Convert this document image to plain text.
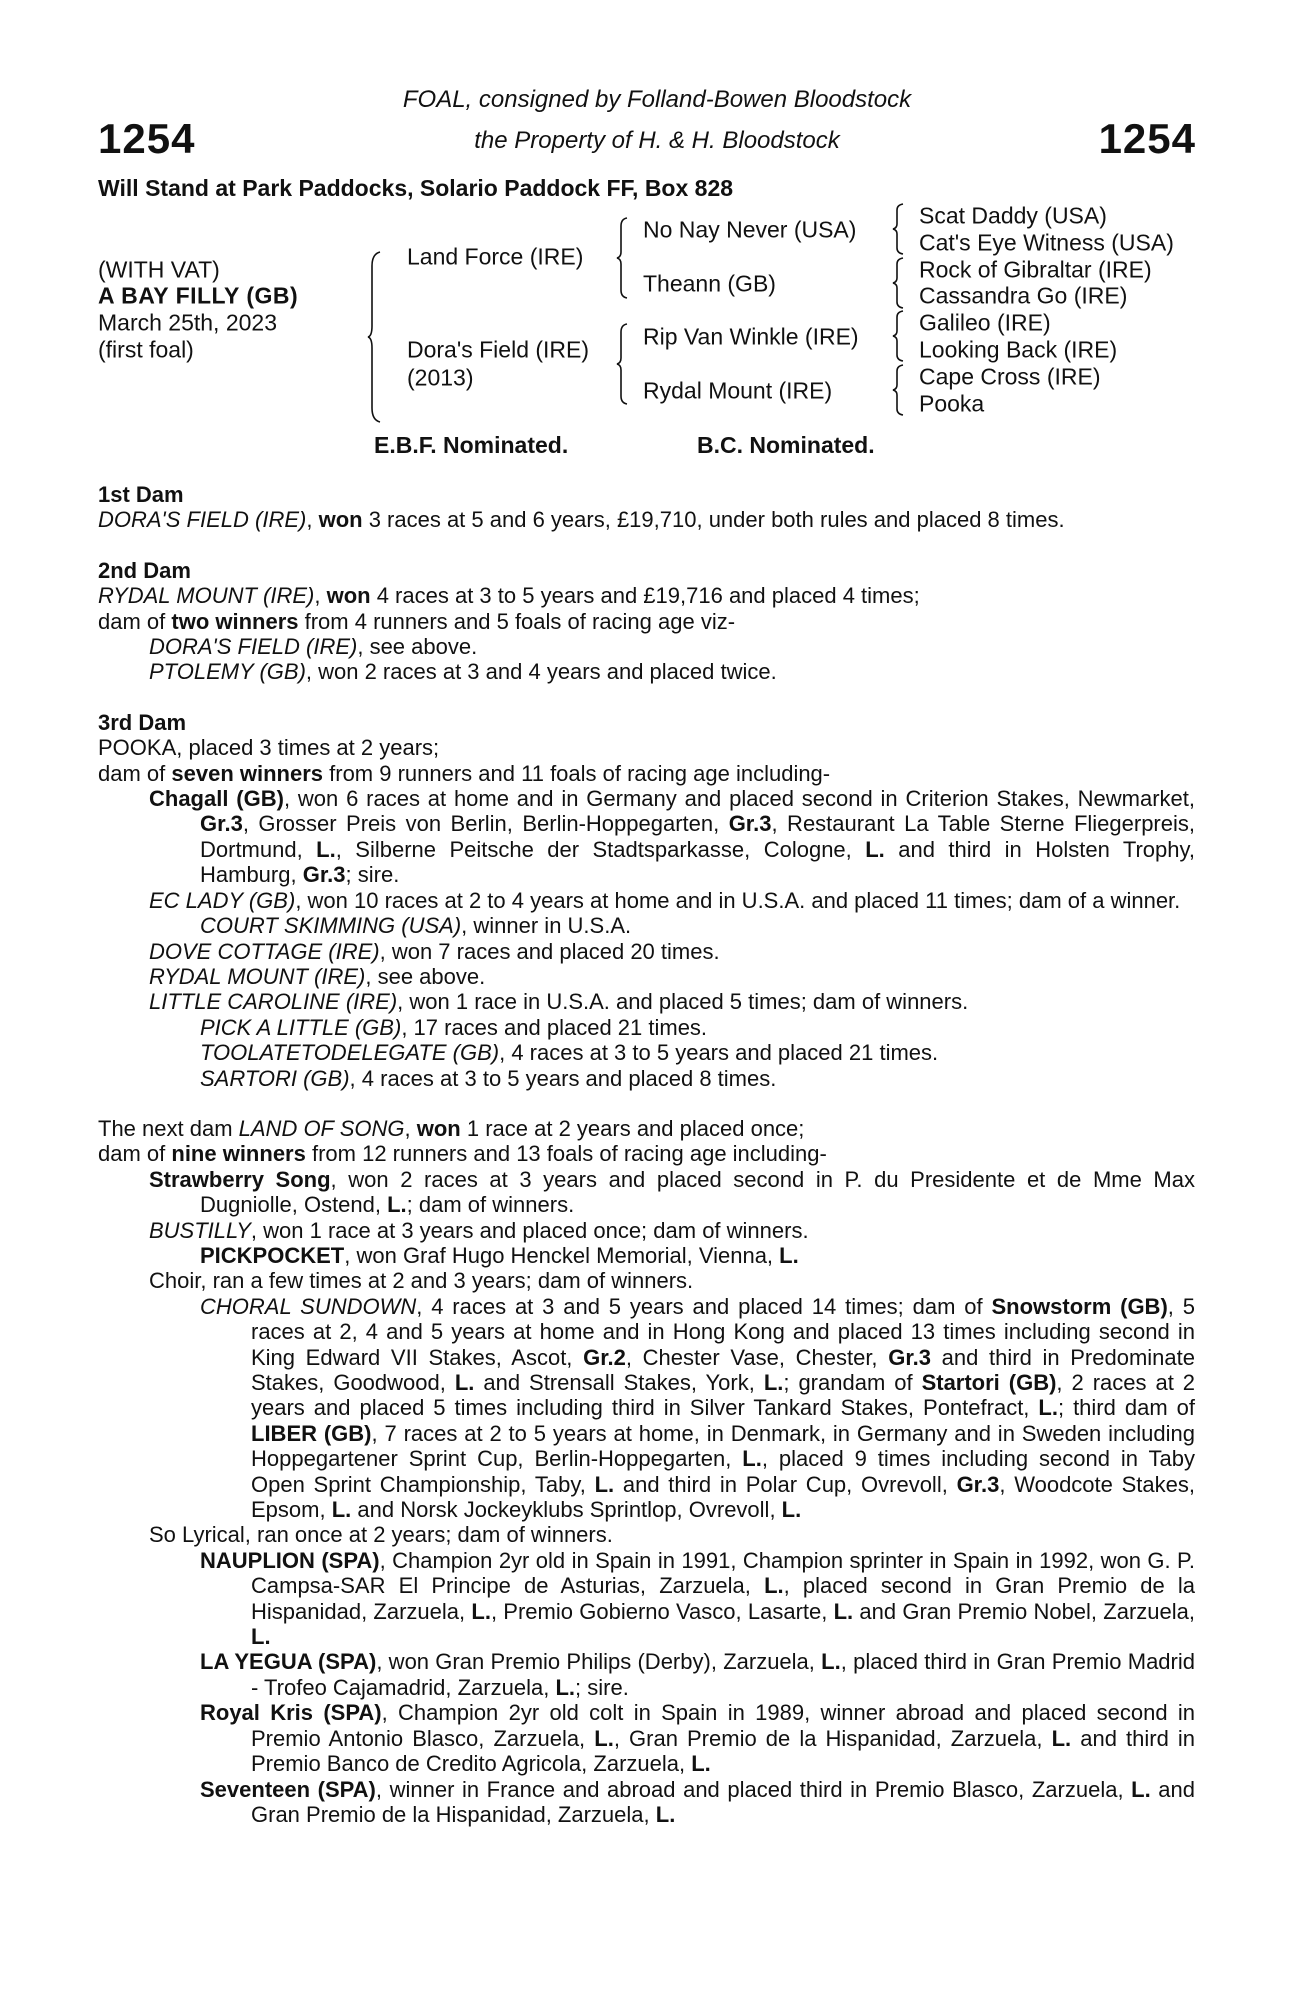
1254	1254
FOAL, consigned by Folland-Bowen Bloodstock
the Property of H. & H. Bloodstock
Will Stand at Park Paddocks, Solario Paddock FF, Box 828
(WITH VAT)
A BAY FILLY (GB)
March 25th, 2023
(first foal)
Land Force (IRE)
Dora's Field (IRE)
(2013)
No Nay Never (USA)
Theann (GB)
Rip Van Winkle (IRE)
Rydal Mount (IRE)
Scat Daddy (USA)
Cat's Eye Witness (USA)
Rock of Gibraltar (IRE)
Cassandra Go (IRE)
Galileo (IRE)
Looking Back (IRE)
Cape Cross (IRE)
Pooka
E.B.F. Nominated.	B.C. Nominated.
1st Dam
DORA'S FIELD (IRE), won 3 races at 5 and 6 years, £19,710, under both rules and placed 8 times.
2nd Dam
RYDAL MOUNT (IRE), won 4 races at 3 to 5 years and £19,716 and placed 4 times;
dam of two winners from 4 runners and 5 foals of racing age viz-
DORA'S FIELD (IRE), see above.
PTOLEMY (GB), won 2 races at 3 and 4 years and placed twice.
3rd Dam
POOKA, placed 3 times at 2 years;
dam of seven winners from 9 runners and 11 foals of racing age including-
Chagall (GB), won 6 races at home and in Germany and placed second in Criterion Stakes, Newmarket, Gr.3, Grosser Preis von Berlin, Berlin-Hoppegarten, Gr.3, Restaurant La Table Sterne Fliegerpreis, Dortmund, L., Silberne Peitsche der Stadtsparkasse, Cologne, L. and third in Holsten Trophy, Hamburg, Gr.3; sire.
EC LADY (GB), won 10 races at 2 to 4 years at home and in U.S.A. and placed 11 times; dam of a winner.
COURT SKIMMING (USA), winner in U.S.A.
DOVE COTTAGE (IRE), won 7 races and placed 20 times.
RYDAL MOUNT (IRE), see above.
LITTLE CAROLINE (IRE), won 1 race in U.S.A. and placed 5 times; dam of winners.
PICK A LITTLE (GB), 17 races and placed 21 times.
TOOLATETODELEGATE (GB), 4 races at 3 to 5 years and placed 21 times.
SARTORI (GB), 4 races at 3 to 5 years and placed 8 times.
The next dam LAND OF SONG, won 1 race at 2 years and placed once;
dam of nine winners from 12 runners and 13 foals of racing age including-
Strawberry Song, won 2 races at 3 years and placed second in P. du Presidente et de Mme Max Dugniolle, Ostend, L.; dam of winners.
BUSTILLY, won 1 race at 3 years and placed once; dam of winners.
PICKPOCKET, won Graf Hugo Henckel Memorial, Vienna, L.
Choir, ran a few times at 2 and 3 years; dam of winners.
CHORAL SUNDOWN, 4 races at 3 and 5 years and placed 14 times; dam of Snowstorm (GB), 5 races at 2, 4 and 5 years at home and in Hong Kong and placed 13 times including second in King Edward VII Stakes, Ascot, Gr.2, Chester Vase, Chester, Gr.3 and third in Predominate Stakes, Goodwood, L. and Strensall Stakes, York, L.; grandam of Startori (GB), 2 races at 2 years and placed 5 times including third in Silver Tankard Stakes, Pontefract, L.; third dam of LIBER (GB), 7 races at 2 to 5 years at home, in Denmark, in Germany and in Sweden including Hoppegartener Sprint Cup, Berlin-Hoppegarten, L., placed 9 times including second in Taby Open Sprint Championship, Taby, L. and third in Polar Cup, Ovrevoll, Gr.3, Woodcote Stakes, Epsom, L. and Norsk Jockeyklubs Sprintlop, Ovrevoll, L.
So Lyrical, ran once at 2 years; dam of winners.
NAUPLION (SPA), Champion 2yr old in Spain in 1991, Champion sprinter in Spain in 1992, won G. P. Campsa-SAR El Principe de Asturias, Zarzuela, L., placed second in Gran Premio de la Hispanidad, Zarzuela, L., Premio Gobierno Vasco, Lasarte, L. and Gran Premio Nobel, Zarzuela, L.
LA YEGUA (SPA), won Gran Premio Philips (Derby), Zarzuela, L., placed third in Gran Premio Madrid - Trofeo Cajamadrid, Zarzuela, L.; sire.
Royal Kris (SPA), Champion 2yr old colt in Spain in 1989, winner abroad and placed second in Premio Antonio Blasco, Zarzuela, L., Gran Premio de la Hispanidad, Zarzuela, L. and third in Premio Banco de Credito Agricola, Zarzuela, L.
Seventeen (SPA), winner in France and abroad and placed third in Premio Blasco, Zarzuela, L. and Gran Premio de la Hispanidad, Zarzuela, L.
